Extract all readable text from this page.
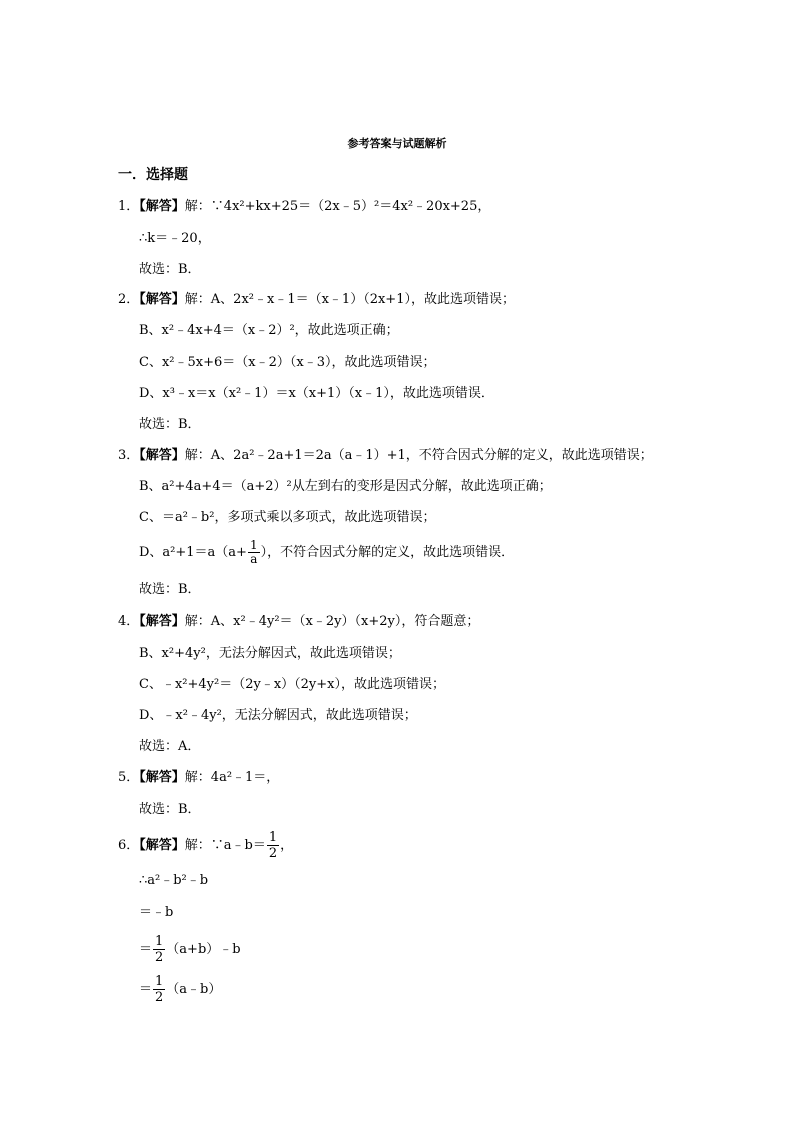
参考答案与试题解析
一．选择题
1．【解答】解：∵4x²+kx+25＝（2x﹣5）²＝4x²﹣20x+25，
∴k＝﹣20，
故选：B．
2．【解答】解：A、2x²﹣x﹣1＝（x﹣1）（2x+1），故此选项错误；
B、x²﹣4x+4＝（x﹣2）²，故此选项正确；
C、x²﹣5x+6＝（x﹣2）（x﹣3），故此选项错误；
D、x³﹣x＝x（x²﹣1）＝x（x+1）（x﹣1），故此选项错误．
故选：B．
3．【解答】解：A、2a²﹣2a+1＝2a（a﹣1）+1，不符合因式分解的定义，故此选项错误；
B、a²+4a+4＝（a+2）²从左到右的变形是因式分解，故此选项正确；
C、＝a²﹣b²，多项式乘以多项式，故此选项错误；
D、$a^2+1=a(a+ \frac{1}{a}$ ），不符合因式分解的定义，故此选项错误．
故选：B．
4．【解答】解：A、x²﹣4y²＝（x﹣2y）（x+2y），符合题意；
B、x²+4y²，无法分解因式，故此选项错误；
C、﹣x²+4y²＝（2y﹣x）（2y+x），故此选项错误；
D、﹣x²﹣4y²，无法分解因式，故此选项错误；
故选：A．
5．【解答】解：4a²﹣1＝，
故选：B．
6．【解答】解：∵a﹣b＝ $\frac{1}{2}$ ，
∴a²﹣b²﹣b
＝﹣b
＝ $\frac{1}{2}$ （a+b）﹣b
＝ $\frac{1}{2}$ （a﹣b）
